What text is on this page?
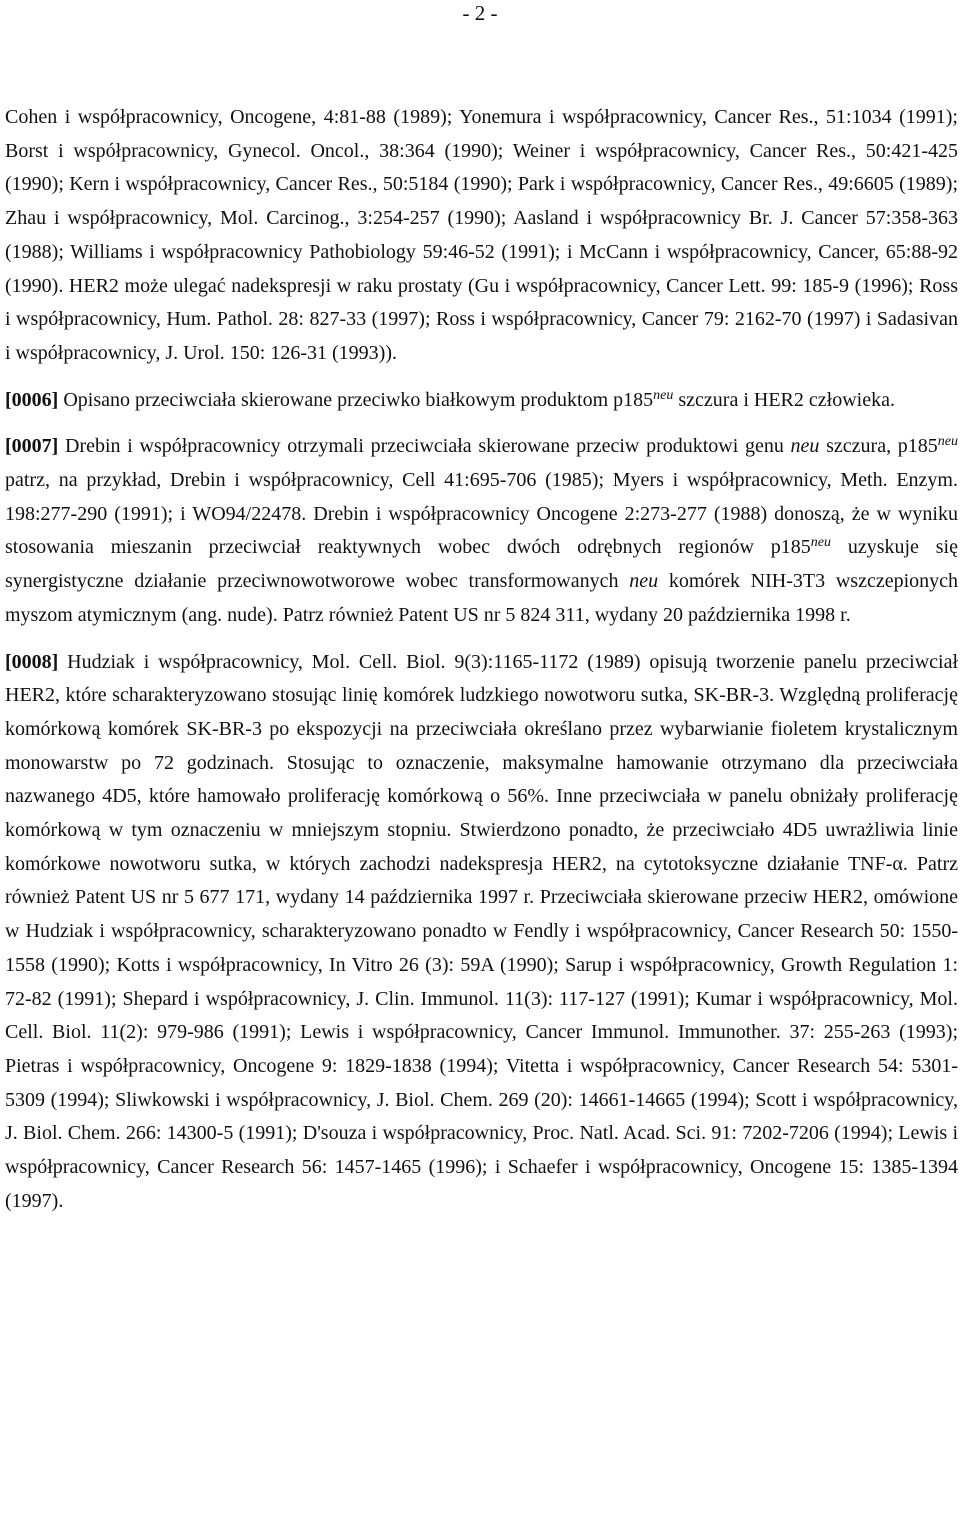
- 2 -

Cohen i współpracownicy, Oncogene, 4:81-88 (1989); Yonemura i współpracownicy, Cancer Res., 51:1034 (1991); Borst i współpracownicy, Gynecol. Oncol., 38:364 (1990); Weiner i współpracownicy, Cancer Res., 50:421-425 (1990); Kern i współpracownicy, Cancer Res., 50:5184 (1990); Park i współpracownicy, Cancer Res., 49:6605 (1989); Zhau i współpracownicy, Mol. Carcinog., 3:254-257 (1990); Aasland i współpracownicy Br. J. Cancer 57:358-363 (1988); Williams i współpracownicy Pathobiology 59:46-52 (1991); i McCann i współpracownicy, Cancer, 65:88-92 (1990). HER2 może ulegać nadekspresji w raku prostaty (Gu i współpracownicy, Cancer Lett. 99: 185-9 (1996); Ross i współpracownicy, Hum. Pathol. 28: 827-33 (1997); Ross i współpracownicy, Cancer 79: 2162-70 (1997) i Sadasivan i współpracownicy, J. Urol. 150: 126-31 (1993)).

[0006] Opisano przeciwciała skierowane przeciwko białkowym produktom $p185^{neu}$ szczura i HER2 człowieka.

[0007] Drebin i współpracownicy otrzymali przeciwciała skierowane przeciw produktowi genu neu szczura, $p185^{neu}$ patrz, na przykład, Drebin i współpracownicy, Cell 41:695-706 (1985); Myers i współpracownicy, Meth. Enzym. 198:277-290 (1991); i WO94/22478. Drebin i współpracownicy Oncogene 2:273-277 (1988) donoszą, że w wyniku stosowania mieszanin przeciwciał reaktywnych wobec dwóch odrębnych regionów $p185^{neu}$ uzyskuje się synergistyczne działanie przeciwnowotworowe wobec transformowanych neu komórek NIH-3T3 wszczepionych myszom atymicznym (ang. nude). Patrz również Patent US nr 5 824 311, wydany 20 października 1998 r.

[0008] Hudziak i współpracownicy, Mol. Cell. Biol. 9(3):1165-1172 (1989) opisują tworzenie panelu przeciwciał HER2, które scharakteryzowano stosując linię komórek ludzkiego nowotworu sutka, SK-BR-3. Względną proliferację komórkową komórek SK-BR-3 po ekspozycji na przeciwciała określano przez wybarwianie fioletem krystalicznym monowarstw po 72 godzinach. Stosując to oznaczenie, maksymalne hamowanie otrzymano dla przeciwciała nazwanego 4D5, które hamowało proliferację komórkową o 56%. Inne przeciwciała w panelu obniżały proliferację komórkową w tym oznaczeniu w mniejszym stopniu. Stwierdzono ponadto, że przeciwciało 4D5 uwrażliwia linie komórkowe nowotworu sutka, w których zachodzi nadekspresja HER2, na cytotoksyczne działanie TNF-α. Patrz również Patent US nr 5 677 171, wydany 14 października 1997 r. Przeciwciała skierowane przeciw HER2, omówione w Hudziak i współpracownicy, scharakteryzowano ponadto w Fendly i współpracownicy, Cancer Research 50: 1550-1558 (1990); Kotts i współpracownicy, In Vitro 26 (3): 59A (1990); Sarup i współpracownicy, Growth Regulation 1: 72-82 (1991); Shepard i współpracownicy, J. Clin. Immunol. 11(3): 117-127 (1991); Kumar i współpracownicy, Mol. Cell. Biol. 11(2): 979-986 (1991); Lewis i współpracownicy, Cancer Immunol. Immunother. 37: 255-263 (1993); Pietras i współpracownicy, Oncogene 9: 1829-1838 (1994); Vitetta i współpracownicy, Cancer Research 54: 5301-5309 (1994); Sliwkowski i współpracownicy, J. Biol. Chem. 269 (20): 14661-14665 (1994); Scott i współpracownicy, J. Biol. Chem. 266: 14300-5 (1991); D'souza i współpracownicy, Proc. Natl. Acad. Sci. 91: 7202-7206 (1994); Lewis i współpracownicy, Cancer Research 56: 1457-1465 (1996); i Schaefer i współpracownicy, Oncogene 15: 1385-1394 (1997).
